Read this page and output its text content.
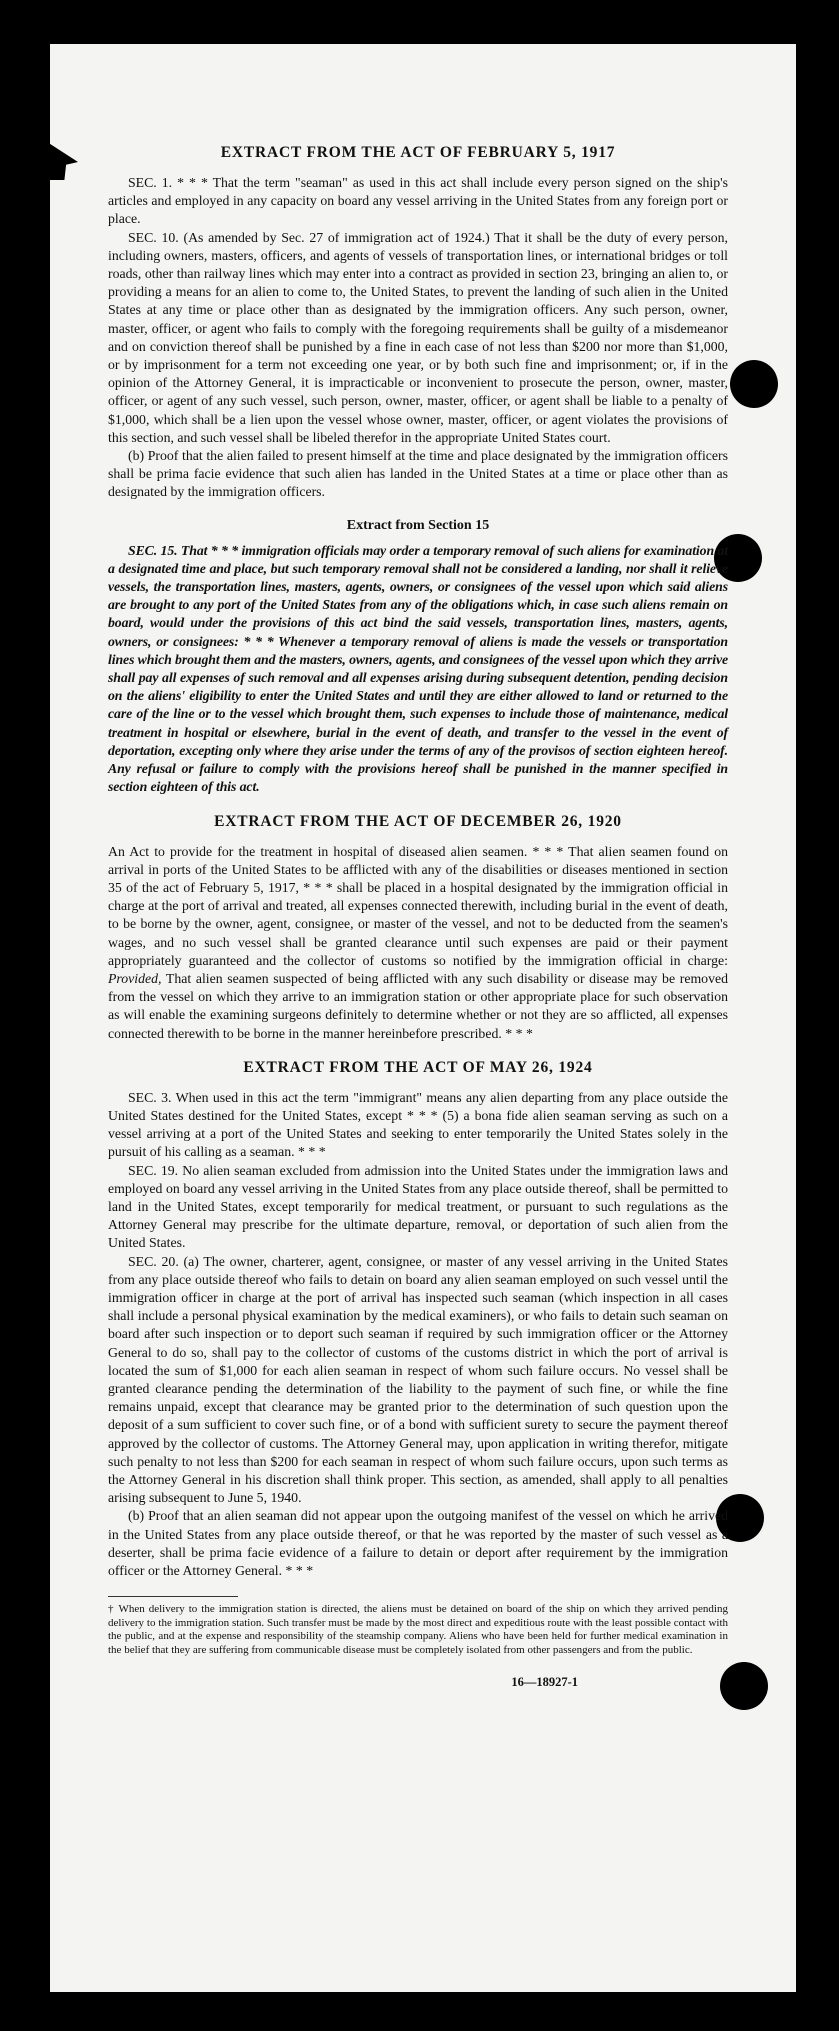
EXTRACT FROM THE ACT OF FEBRUARY 5, 1917

SEC. 1. * * * That the term "seaman" as used in this act shall include every person signed on the ship's articles and employed in any capacity on board any vessel arriving in the United States from any foreign port or place.

SEC. 10. (As amended by Sec. 27 of immigration act of 1924.) That it shall be the duty of every person, including owners, masters, officers, and agents of vessels of transportation lines, or international bridges or toll roads, other than railway lines which may enter into a contract as provided in section 23, bringing an alien to, or providing a means for an alien to come to, the United States, to prevent the landing of such alien in the United States at any time or place other than as designated by the immigration officers. Any such person, owner, master, officer, or agent who fails to comply with the foregoing requirements shall be guilty of a misdemeanor and on conviction thereof shall be punished by a fine in each case of not less than $200 nor more than $1,000, or by imprisonment for a term not exceeding one year, or by both such fine and imprisonment; or, if in the opinion of the Attorney General, it is impracticable or inconvenient to prosecute the person, owner, master, officer, or agent of any such vessel, such person, owner, master, officer, or agent shall be liable to a penalty of $1,000, which shall be a lien upon the vessel whose owner, master, officer, or agent violates the provisions of this section, and such vessel shall be libeled therefor in the appropriate United States court.

(b) Proof that the alien failed to present himself at the time and place designated by the immigration officers shall be prima facie evidence that such alien has landed in the United States at a time or place other than as designated by the immigration officers.

Extract from Section 15

SEC. 15. That * * * immigration officials may order a temporary removal of such aliens for examination at a designated time and place, but such temporary removal shall not be considered a landing, nor shall it relieve vessels, the transportation lines, masters, agents, owners, or consignees of the vessel upon which said aliens are brought to any port of the United States from any of the obligations which, in case such aliens remain on board, would under the provisions of this act bind the said vessels, transportation lines, masters, agents, owners, or consignees: * * * Whenever a temporary removal of aliens is made the vessels or transportation lines which brought them and the masters, owners, agents, and consignees of the vessel upon which they arrive shall pay all expenses of such removal and all expenses arising during subsequent detention, pending decision on the aliens' eligibility to enter the United States and until they are either allowed to land or returned to the care of the line or to the vessel which brought them, such expenses to include those of maintenance, medical treatment in hospital or elsewhere, burial in the event of death, and transfer to the vessel in the event of deportation, excepting only where they arise under the terms of any of the provisos of section eighteen hereof. Any refusal or failure to comply with the provisions hereof shall be punished in the manner specified in section eighteen of this act.

EXTRACT FROM THE ACT OF DECEMBER 26, 1920

An Act to provide for the treatment in hospital of diseased alien seamen. * * * That alien seamen found on arrival in ports of the United States to be afflicted with any of the disabilities or diseases mentioned in section 35 of the act of February 5, 1917, * * * shall be placed in a hospital designated by the immigration official in charge at the port of arrival and treated, all expenses connected therewith, including burial in the event of death, to be borne by the owner, agent, consignee, or master of the vessel, and not to be deducted from the seamen's wages, and no such vessel shall be granted clearance until such expenses are paid or their payment appropriately guaranteed and the collector of customs so notified by the immigration official in charge: Provided, That alien seamen suspected of being afflicted with any such disability or disease may be removed from the vessel on which they arrive to an immigration station or other appropriate place for such observation as will enable the examining surgeons definitely to determine whether or not they are so afflicted, all expenses connected therewith to be borne in the manner hereinbefore prescribed. * * *

EXTRACT FROM THE ACT OF MAY 26, 1924

SEC. 3. When used in this act the term "immigrant" means any alien departing from any place outside the United States destined for the United States, except * * * (5) a bona fide alien seaman serving as such on a vessel arriving at a port of the United States and seeking to enter temporarily the United States solely in the pursuit of his calling as a seaman. * * *

SEC. 19. No alien seaman excluded from admission into the United States under the immigration laws and employed on board any vessel arriving in the United States from any place outside thereof, shall be permitted to land in the United States, except temporarily for medical treatment, or pursuant to such regulations as the Attorney General may prescribe for the ultimate departure, removal, or deportation of such alien from the United States.

SEC. 20. (a) The owner, charterer, agent, consignee, or master of any vessel arriving in the United States from any place outside thereof who fails to detain on board any alien seaman employed on such vessel until the immigration officer in charge at the port of arrival has inspected such seaman (which inspection in all cases shall include a personal physical examination by the medical examiners), or who fails to detain such seaman on board after such inspection or to deport such seaman if required by such immigration officer or the Attorney General to do so, shall pay to the collector of customs of the customs district in which the port of arrival is located the sum of $1,000 for each alien seaman in respect of whom such failure occurs. No vessel shall be granted clearance pending the determination of the liability to the payment of such fine, or while the fine remains unpaid, except that clearance may be granted prior to the determination of such question upon the deposit of a sum sufficient to cover such fine, or of a bond with sufficient surety to secure the payment thereof approved by the collector of customs. The Attorney General may, upon application in writing therefor, mitigate such penalty to not less than $200 for each seaman in respect of whom such failure occurs, upon such terms as the Attorney General in his discretion shall think proper. This section, as amended, shall apply to all penalties arising subsequent to June 5, 1940.

(b) Proof that an alien seaman did not appear upon the outgoing manifest of the vessel on which he arrived in the United States from any place outside thereof, or that he was reported by the master of such vessel as a deserter, shall be prima facie evidence of a failure to detain or deport after requirement by the immigration officer or the Attorney General. * * *

† When delivery to the immigration station is directed, the aliens must be detained on board of the ship on which they arrived pending delivery to the immigration station. Such transfer must be made by the most direct and expeditious route with the least possible contact with the public, and at the expense and responsibility of the steamship company. Aliens who have been held for further medical examination in the belief that they are suffering from communicable disease must be completely isolated from other passengers and from the public.
16—18927-1
